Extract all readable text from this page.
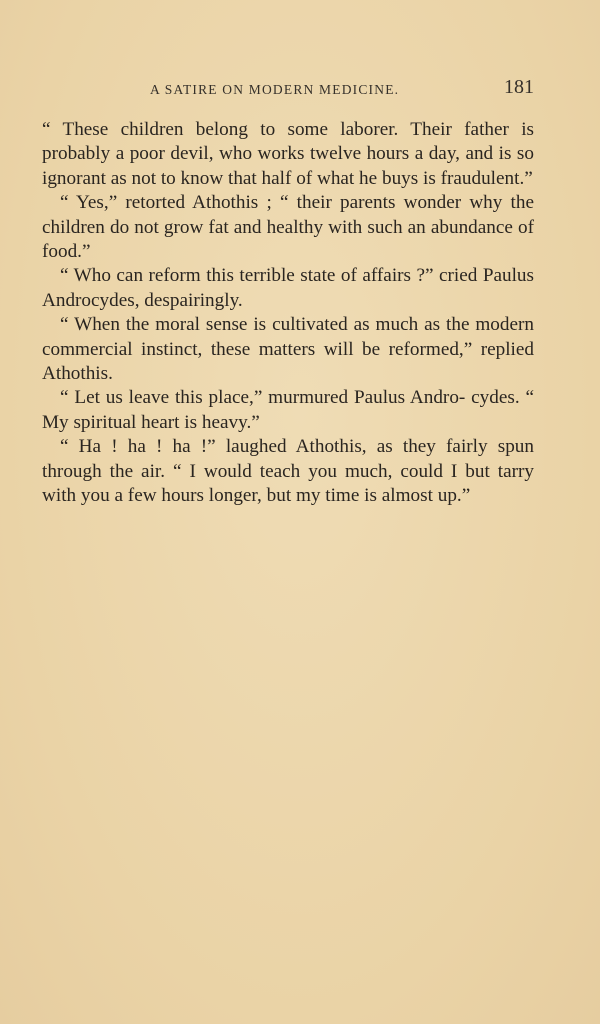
A SATIRE ON MODERN MEDICINE.	181

“ These children belong to some laborer. Their father is probably a poor devil, who works twelve hours a day, and is so ignorant as not to know that half of what he buys is fraudulent.”

“ Yes,” retorted Athothis ; “ their parents wonder why the children do not grow fat and healthy with such an abundance of food.”

“ Who can reform this terrible state of affairs ?” cried Paulus Androcydes, despairingly.

“ When the moral sense is cultivated as much as the modern commercial instinct, these matters will be reformed,” replied Athothis.

“ Let us leave this place,” murmured Paulus Andro- cydes. “ My spiritual heart is heavy.”

“ Ha ! ha ! ha !” laughed Athothis, as they fairly spun through the air. “ I would teach you much, could I but tarry with you a few hours longer, but my time is almost up.”
